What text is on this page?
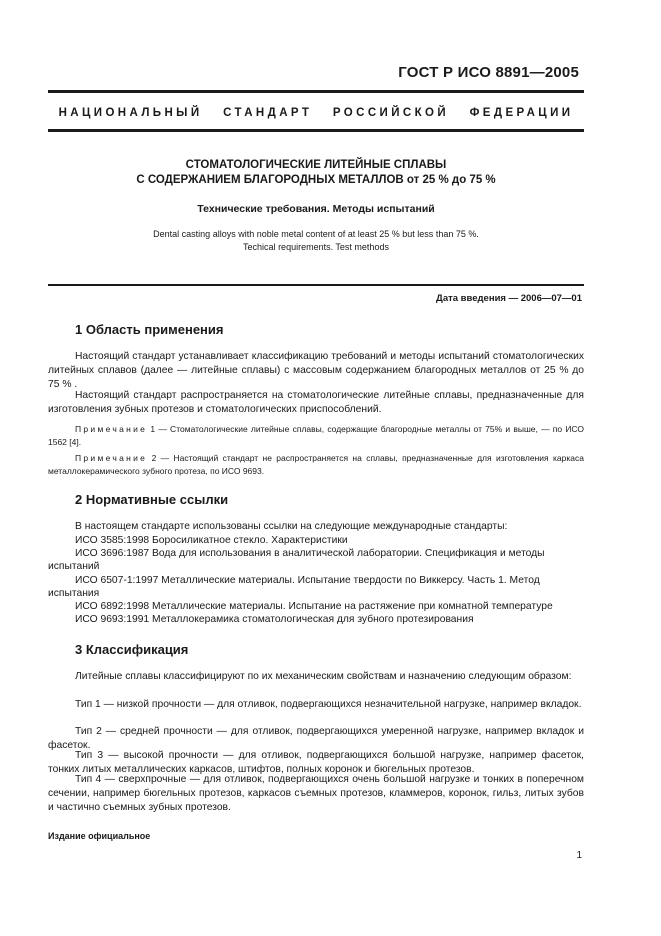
ГОСТ Р ИСО 8891—2005
НАЦИОНАЛЬНЫЙ СТАНДАРТ РОССИЙСКОЙ ФЕДЕРАЦИИ
СТОМАТОЛОГИЧЕСКИЕ ЛИТЕЙНЫЕ СПЛАВЫ
С СОДЕРЖАНИЕМ БЛАГОРОДНЫХ МЕТАЛЛОВ от 25 % до 75 %
Технические требования. Методы испытаний
Dental casting alloys with noble metal content of at least 25 % but less than 75 %.
Techical requirements. Test methods
Дата введения — 2006—07—01
1 Область применения
Настоящий стандарт устанавливает классификацию требований и методы испытаний стоматологических литейных сплавов (далее — литейные сплавы) с массовым содержанием благородных металлов от 25 % до 75 % .
Настоящий стандарт распространяется на стоматологические литейные сплавы, предназначенные для изготовления зубных протезов и стоматологических приспособлений.
Примечание 1 — Стоматологические литейные сплавы, содержащие благородные металлы от 75% и выше, — по ИСО 1562 [4].
Примечание 2 — Настоящий стандарт не распространяется на сплавы, предназначенные для изготовления каркаса металлокерамического зубного протеза, по ИСО 9693.
2 Нормативные ссылки
В настоящем стандарте использованы ссылки на следующие международные стандарты:
ИСО 3585:1998 Боросиликатное стекло. Характеристики
ИСО 3696:1987 Вода для использования в аналитической лаборатории. Спецификация и методы
испытаний
ИСО 6507-1:1997 Металлические материалы. Испытание твердости по Виккерсу. Часть 1. Метод
испытания
ИСО 6892:1998 Металлические материалы. Испытание на растяжение при комнатной температуре
ИСО 9693:1991 Металлокерамика стоматологическая для зубного протезирования
3 Классификация
Литейные сплавы классифицируют по их механическим свойствам и назначению следующим образом:
Тип 1 — низкой прочности — для отливок, подвергающихся незначительной нагрузке, например вкладок.
Тип 2 — средней прочности — для отливок, подвергающихся умеренной нагрузке, например вкладок и фасеток.
Тип 3 — высокой прочности — для отливок, подвергающихся большой нагрузке, например фасеток, тонких литых металлических каркасов, штифтов, полных коронок и бюгельных протезов.
Тип 4 — сверхпрочные — для отливок, подвергающихся очень большой нагрузке и тонких в поперечном сечении, например бюгельных протезов, каркасов съемных протезов, кламмеров, коронок, гильз, литых зубов и частично съемных зубных протезов.
Издание официальное
1
